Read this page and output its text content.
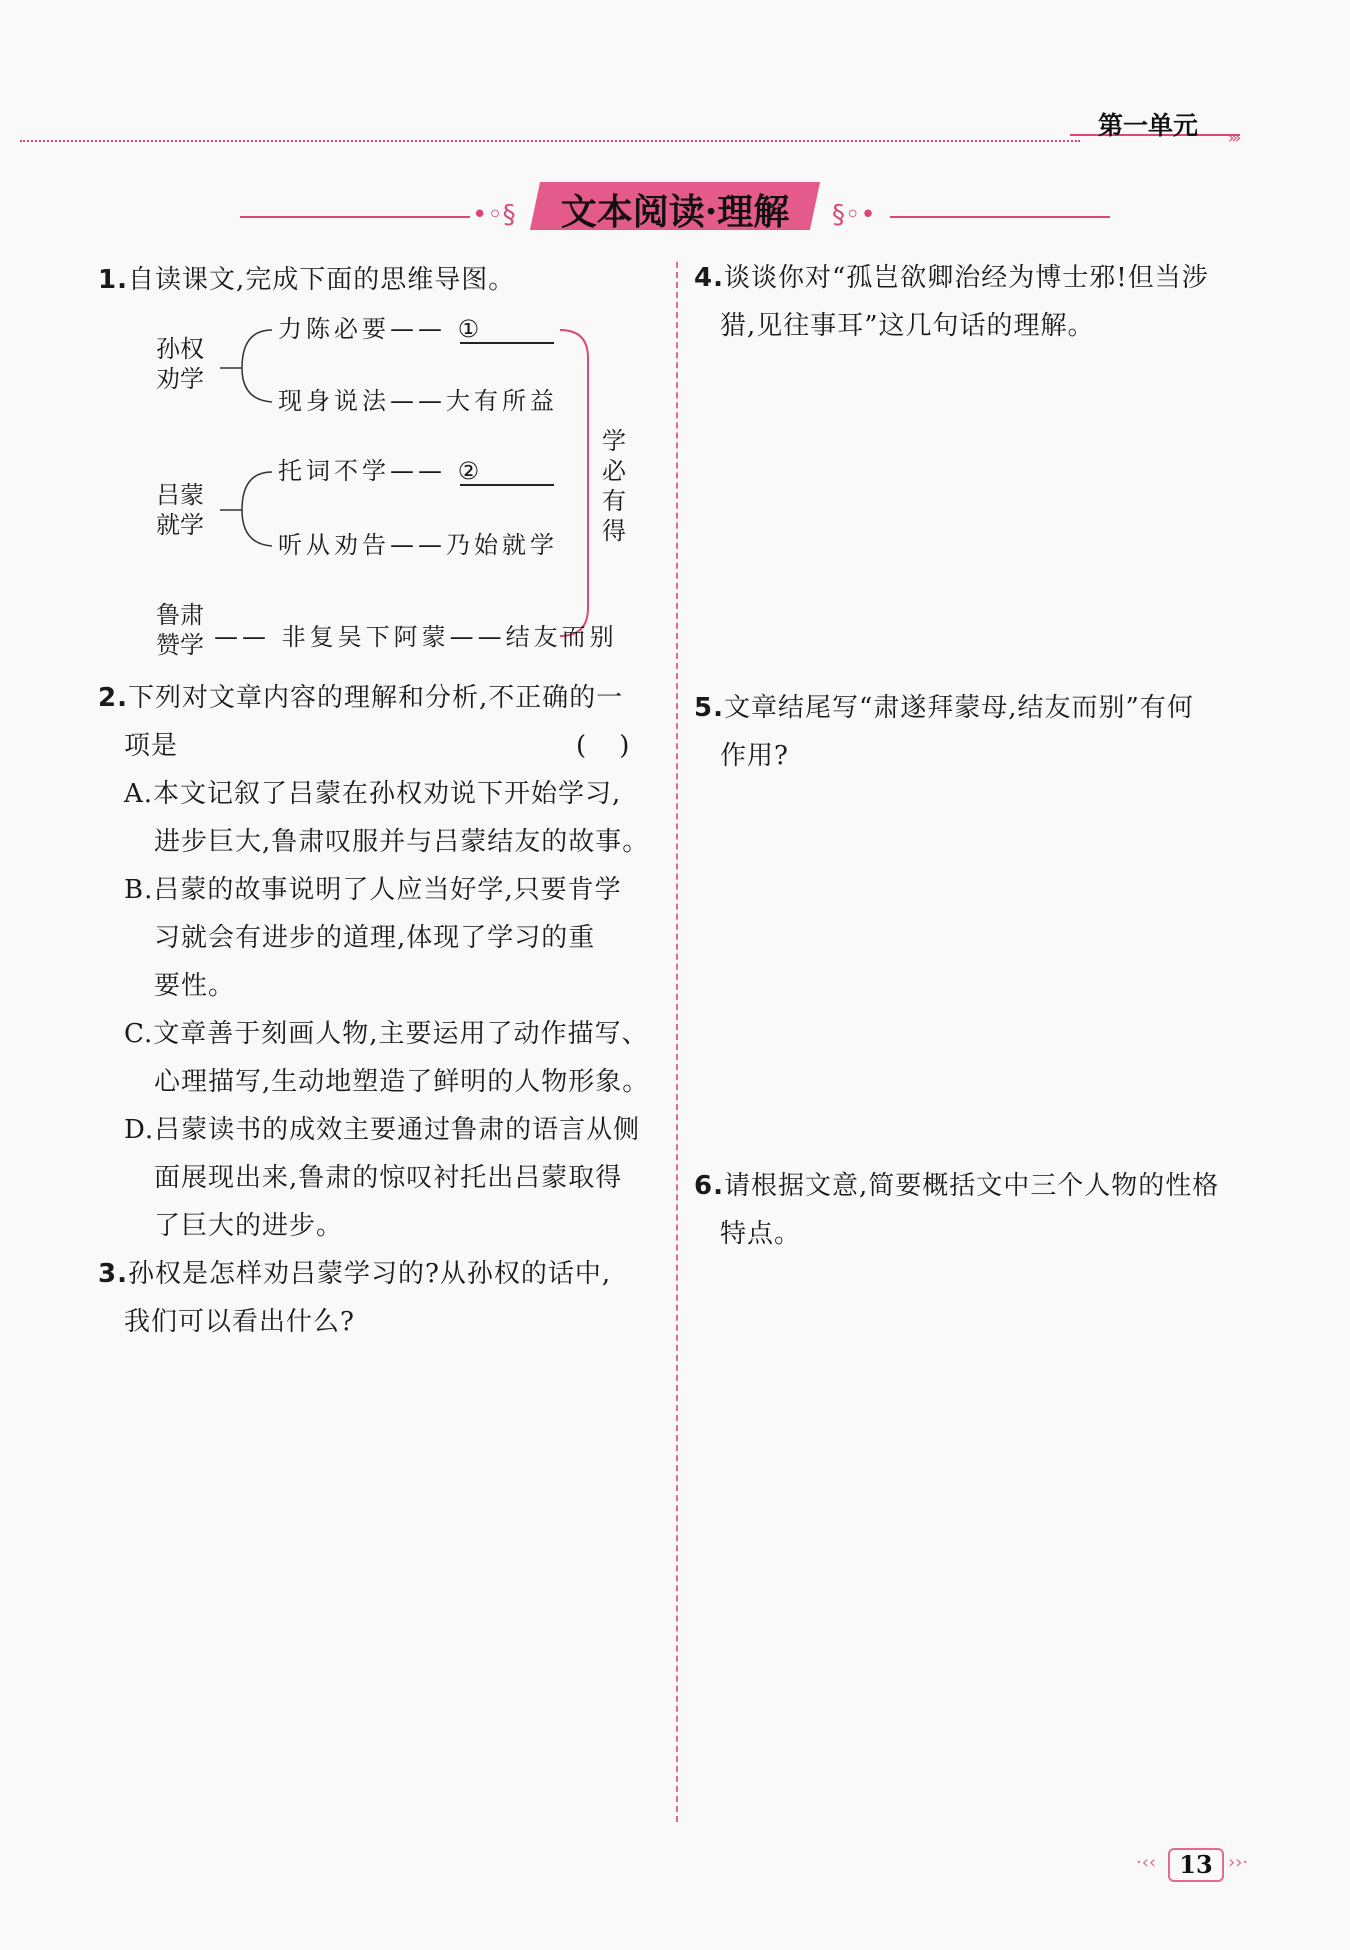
第一单元 ›››
•◦§	文本阅读·理解	§◦•
1.自读课文,完成下面的思维导图。
孙权劝学
吕蒙就学
鲁肃赞学
力陈必要—— ①
现身说法——大有所益
托词不学—— ②
听从劝告——乃始就学
—— 非复吴下阿蒙——结友而别
学必有得
2.下列对文章内容的理解和分析,不正确的一
项是	(    )
A.本文记叙了吕蒙在孙权劝说下开始学习,
进步巨大,鲁肃叹服并与吕蒙结友的故事。
B.吕蒙的故事说明了人应当好学,只要肯学
习就会有进步的道理,体现了学习的重
要性。
C.文章善于刻画人物,主要运用了动作描写、
心理描写,生动地塑造了鲜明的人物形象。
D.吕蒙读书的成效主要通过鲁肃的语言从侧
面展现出来,鲁肃的惊叹衬托出吕蒙取得
了巨大的进步。
3.孙权是怎样劝吕蒙学习的?从孙权的话中,
我们可以看出什么?
4.谈谈你对“孤岂欲卿治经为博士邪!但当涉
猎,见往事耳”这几句话的理解。
5.文章结尾写“肃遂拜蒙母,结友而别”有何
作用?
6.请根据文意,简要概括文中三个人物的性格
特点。
·‹‹ 13 ››·
